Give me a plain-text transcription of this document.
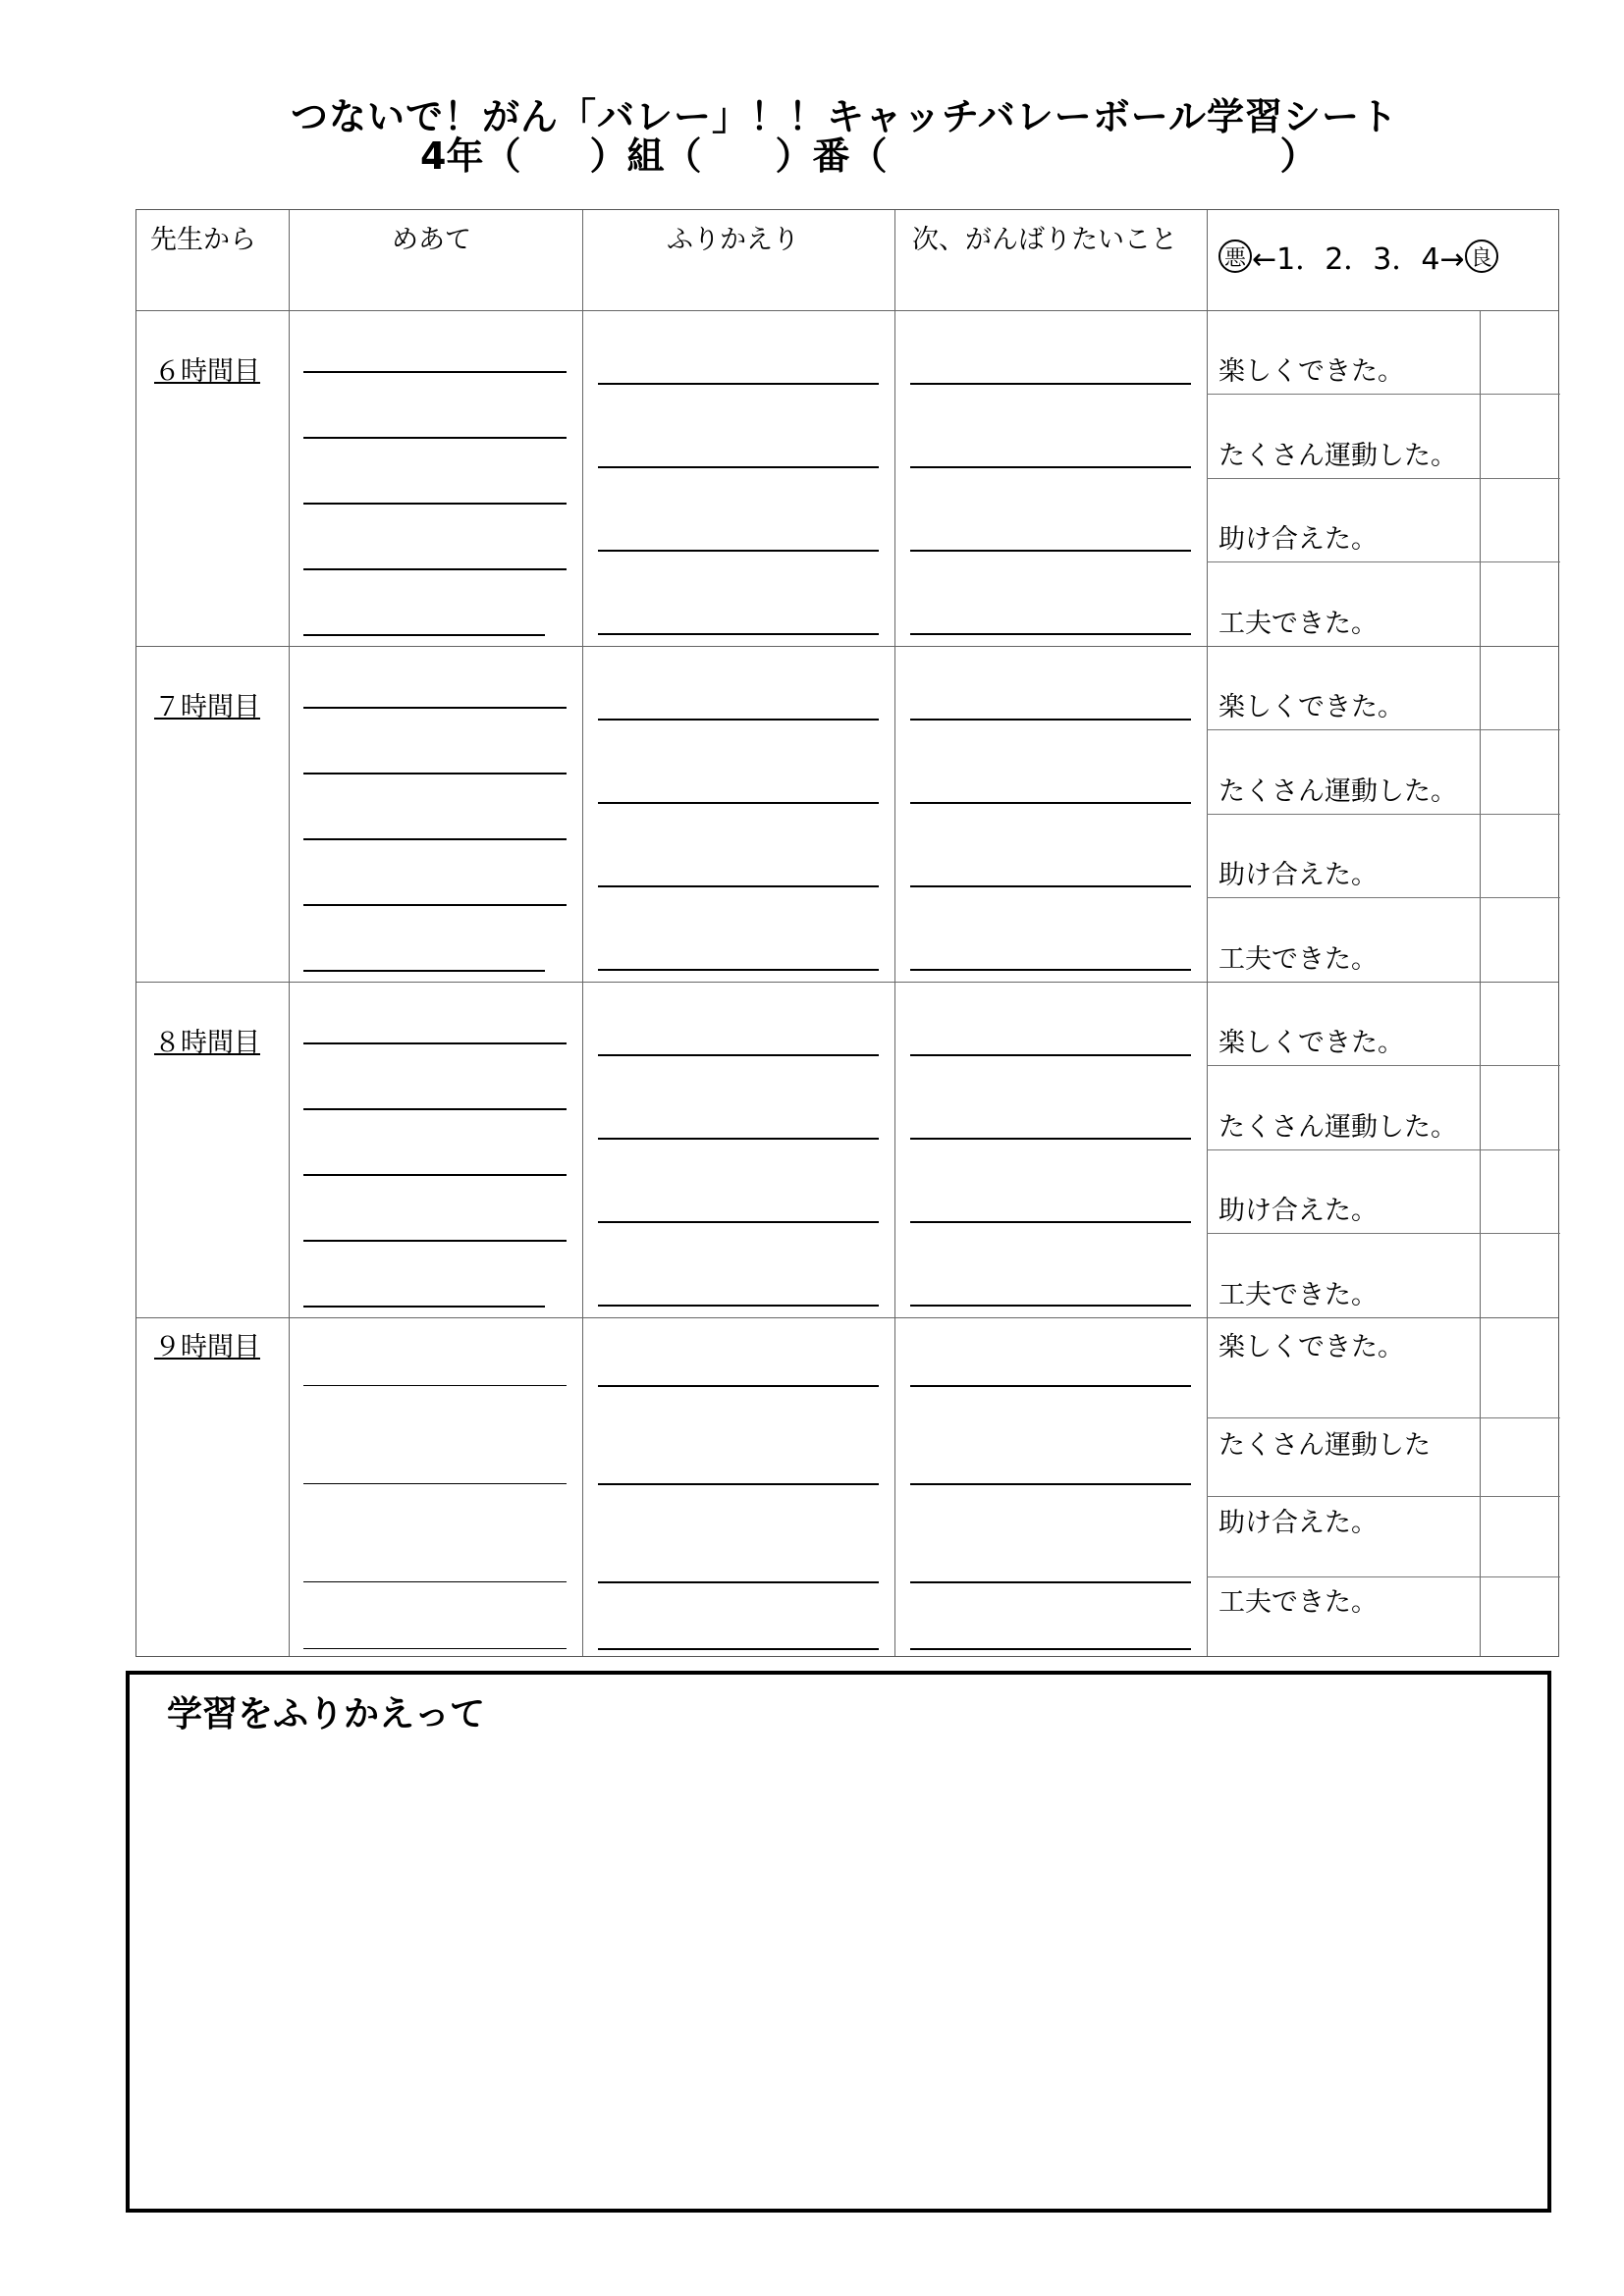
つないで！がん「バレー」！！キャッチバレーボール学習シート
4年（ ）組（ ）番（	）
先生から	めあて	ふりかえり	次、がんばりたいこと
悪 ←1．2．3．4→ 良
６時間目	楽しくできた。
たくさん運動した。
助け合えた。
工夫できた。
７時間目	楽しくできた。
たくさん運動した。
助け合えた。
工夫できた。
８時間目	楽しくできた。
たくさん運動した。
助け合えた。
工夫できた。
９時間目	楽しくできた。
たくさん運動した
助け合えた。
工夫できた。
学習をふりかえって
